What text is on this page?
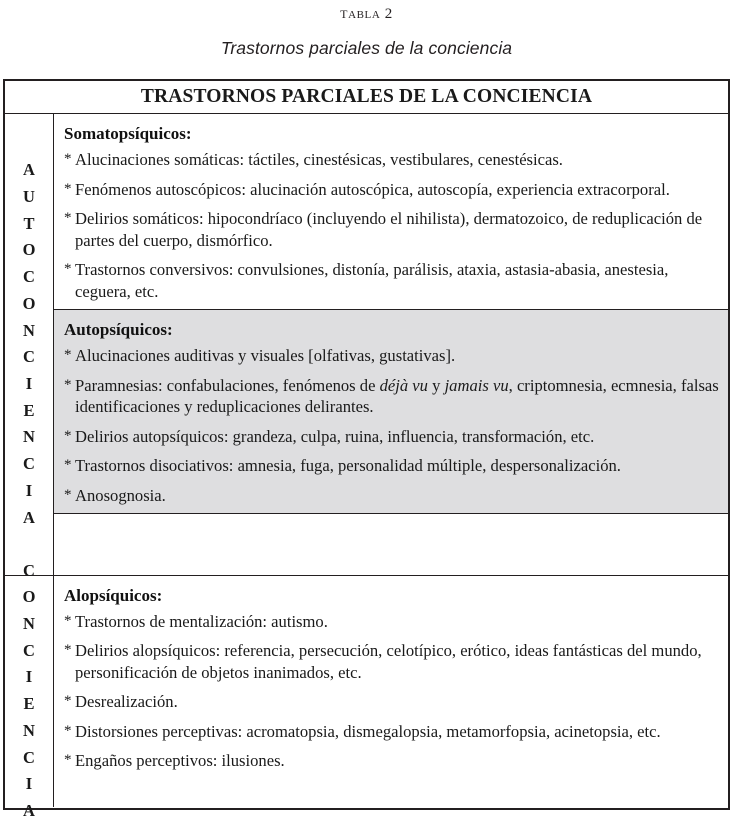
tabla 2
Trastornos parciales de la conciencia
TRASTORNOS PARCIALES DE LA CONCIENCIA
A
U
T
O
C
O
N
C
I
E
N
C
I
A
Somatopsíquicos:
* Alucinaciones somáticas: táctiles, cinestésicas, vestibulares, cenestésicas.
* Fenómenos autoscópicos: alucinación autoscópica, autoscopía, experiencia extracorporal.
* Delirios somáticos: hipocondríaco (incluyendo el nihilista), dermatozoico, de reduplicación de partes del cuerpo, dismórfico.
* Trastornos conversivos: convulsiones, distonía, parálisis, ataxia, astasia-abasia, anestesia, ceguera, etc.
Autopsíquicos:
* Alucinaciones auditivas y visuales [olfativas, gustativas].
* Paramnesias: confabulaciones, fenómenos de déjà vu y jamais vu, criptomnesia, ecmnesia, falsas identificaciones y reduplicaciones delirantes.
* Delirios autopsíquicos: grandeza, culpa, ruina, influencia, transformación, etc.
* Trastornos disociativos: amnesia, fuga, personalidad múltiple, despersonalización.
* Anosognosia.
C
O
N
C
I
E
N
C
I
A
Alopsíquicos:
* Trastornos de mentalización: autismo.
* Delirios alopsíquicos: referencia, persecución, celotípico, erótico, ideas fantásticas del mundo, personificación de objetos inanimados, etc.
* Desrealización.
* Distorsiones perceptivas: acromatopsia, dismegalopsia, metamorfopsia, acinetopsia, etc.
* Engaños perceptivos: ilusiones.
